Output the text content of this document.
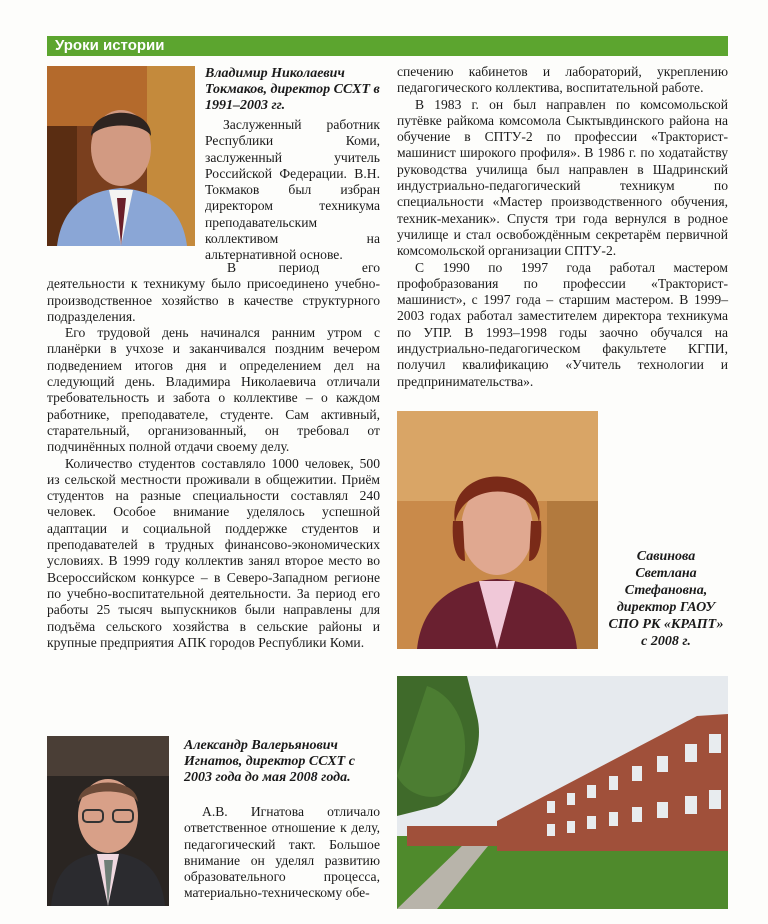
Уроки истории
Владимир Николаевич Токмаков, директор ССХТ в 1991–2003 гг.

Заслуженный работник Республики Коми, заслуженный учитель Российской Федерации. В.Н. Токмаков был избран директором техникума преподавательским коллективом на альтернативной основе.

В период его деятельности к техникуму было присоединено учебно-производственное хозяйство в качестве структурного подразделения.

Его трудовой день начинался ранним утром с планёрки в учхозе и заканчивался поздним вечером подведением итогов дня и определением дел на следующий день. Владимира Николаевича отличали требовательность и забота о коллективе – о каждом работнике, преподавателе, студенте. Сам активный, старательный, организованный, он требовал от подчинённых полной отдачи своему делу.

Количество студентов составляло 1000 человек, 500 из сельской местности проживали в общежитии. Приём студентов на разные специальности составлял 240 человек. Особое внимание уделялось успешной адаптации и социальной поддержке студентов и преподавателей в трудных финансово-экономических условиях. В 1999 году коллектив занял второе место во Всероссийском конкурсе – в Северо-Западном регионе по учебно-воспитательной деятельности. За период его работы 25 тысяч выпускников были направлены для подъёма сельского хозяйства в сельские районы и крупные предприятия АПК городов Республики Коми.

Александр Валерьянович Игнатов, директор ССХТ с 2003 года до мая 2008 года.

А.В. Игнатова отличало ответственное отношение к делу, педагогический такт. Большое внимание он уделял развитию образовательного процесса, материально-техническому обе-

спечению кабинетов и лабораторий, укреплению педагогического коллектива, воспитательной работе.

В 1983 г. он был направлен по комсомольской путёвке райкома комсомола Сыктывдинского района на обучение в СПТУ-2 по профессии «Тракторист-машинист широкого профиля». В 1986 г. по ходатайству руководства училища был направлен в Шадринский индустриально-педагогический техникум по специальности «Мастер производственного обучения, техник-механик». Спустя три года вернулся в родное училище и стал освобождённым секретарём первичной комсомольской организации СПТУ-2.

С 1990 по 1997 года работал мастером профобразования по профессии «Тракторист-машинист», с 1997 года – старшим мастером. В 1999–2003 годах работал заместителем директора техникума по УПР. В 1993–1998 годы заочно обучался на индустриально-педагогическом факультете КГПИ, получил квалификацию «Учитель технологии и предпринимательства».

Савинова
Светлана
Стефановна,
директор ГАОУ
СПО РК «КРАПТ»
с 2008 г.
